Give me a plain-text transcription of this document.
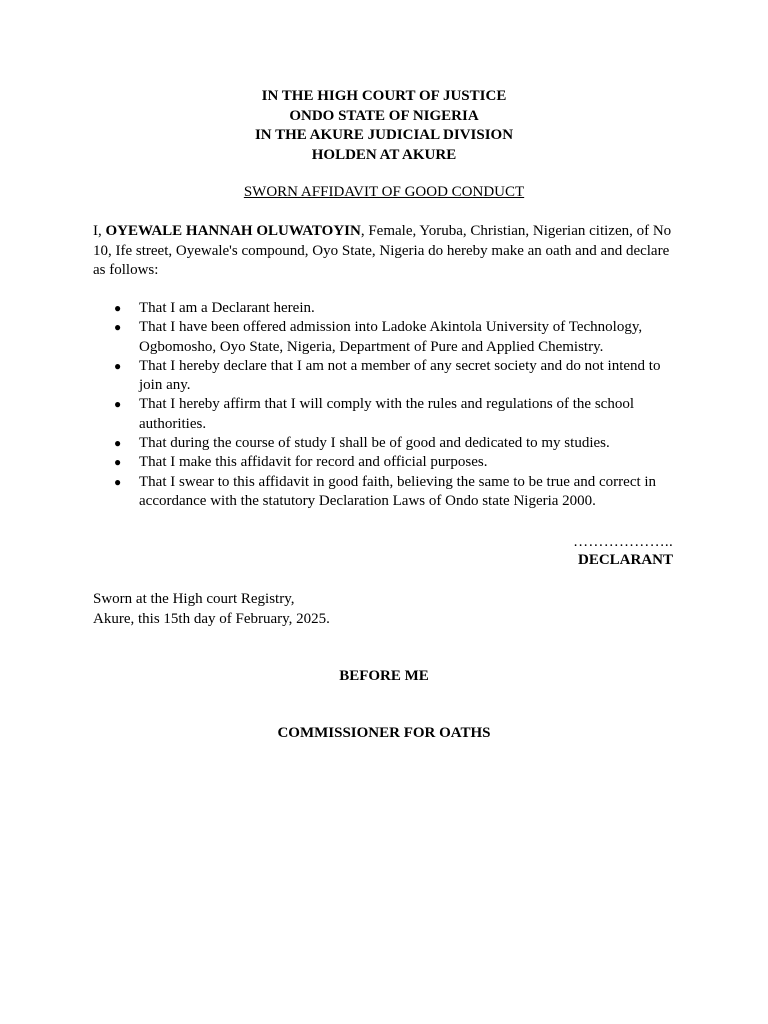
IN THE HIGH COURT OF JUSTICE
ONDO STATE OF NIGERIA
IN THE AKURE JUDICIAL DIVISION
HOLDEN AT AKURE
SWORN AFFIDAVIT OF GOOD CONDUCT
I, OYEWALE HANNAH OLUWATOYIN, Female, Yoruba, Christian, Nigerian citizen, of No 10, Ife street, Oyewale's compound, Oyo State, Nigeria do hereby make an oath and and declare as follows:
● That I am a Declarant herein.
● That I have been offered admission into Ladoke Akintola University of Technology, Ogbomosho, Oyo State, Nigeria, Department of Pure and Applied Chemistry.
● That I hereby declare that I am not a member of any secret society and do not intend to join any.
● That I hereby affirm that I will comply with the rules and regulations of the school authorities.
● That during the course of study I shall be of good and dedicated to my studies.
● That I make this affidavit for record and official purposes.
● That I swear to this affidavit in good faith, believing the same to be true and correct in accordance with the statutory Declaration Laws of Ondo state Nigeria 2000.
………………..
DECLARANT
Sworn at the High court Registry,
Akure, this 15th day of February, 2025.
BEFORE ME
COMMISSIONER FOR OATHS
